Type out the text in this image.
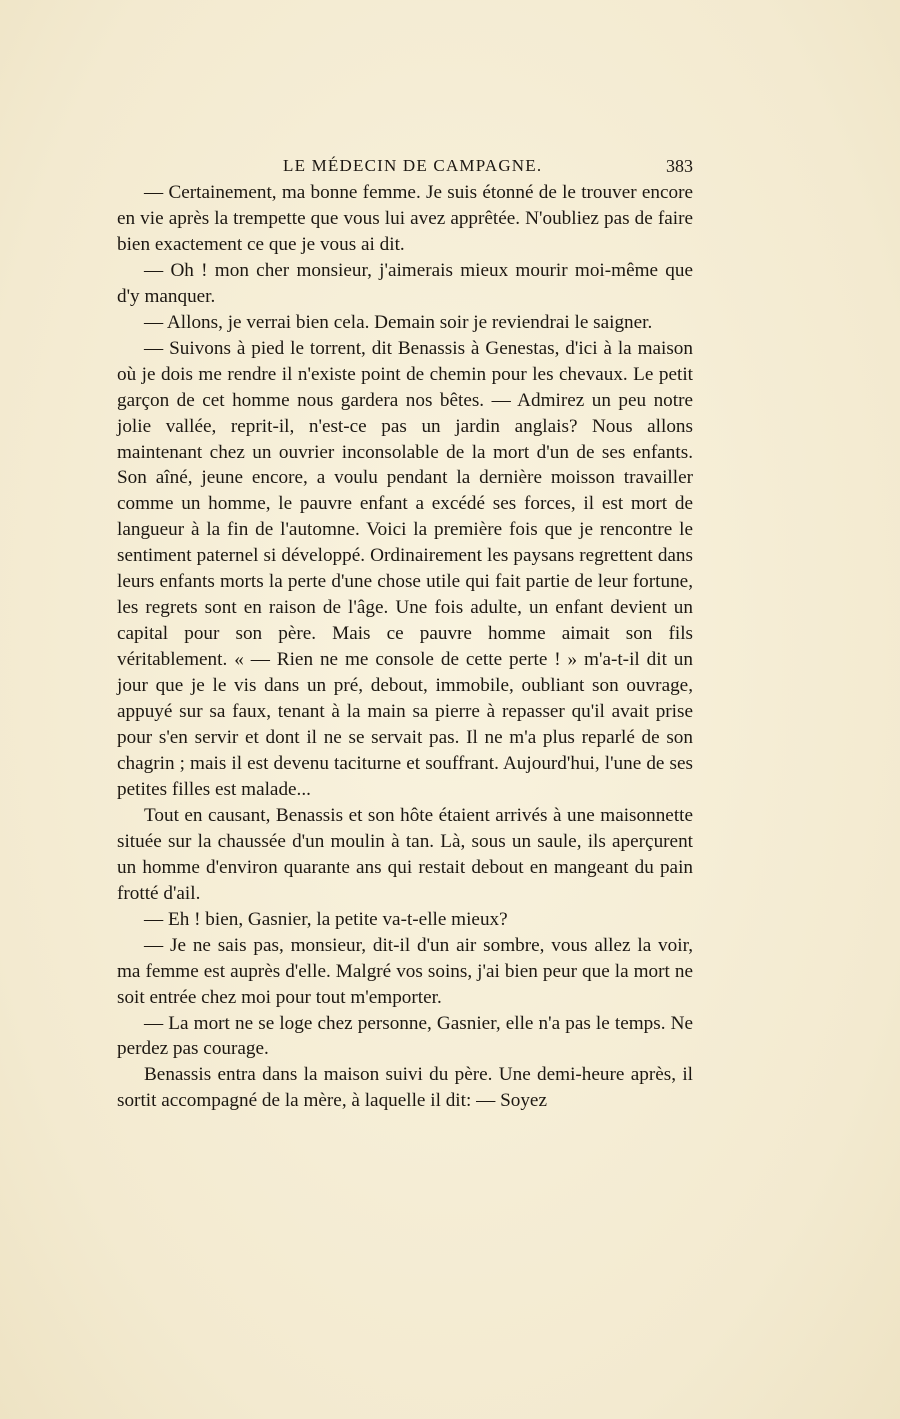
LE MÉDECIN DE CAMPAGNE.	383

— Certainement, ma bonne femme. Je suis étonné de le trouver encore en vie après la trempette que vous lui avez apprêtée. N'oubliez pas de faire bien exactement ce que je vous ai dit.

— Oh ! mon cher monsieur, j'aimerais mieux mourir moi-même que d'y manquer.

— Allons, je verrai bien cela. Demain soir je reviendrai le saigner.

— Suivons à pied le torrent, dit Benassis à Genestas, d'ici à la maison où je dois me rendre il n'existe point de chemin pour les chevaux. Le petit garçon de cet homme nous gardera nos bêtes. — Admirez un peu notre jolie vallée, reprit-il, n'est-ce pas un jardin anglais? Nous allons maintenant chez un ouvrier inconsolable de la mort d'un de ses enfants. Son aîné, jeune encore, a voulu pendant la dernière moisson travailler comme un homme, le pauvre enfant a excédé ses forces, il est mort de langueur à la fin de l'automne. Voici la première fois que je rencontre le sentiment paternel si développé. Ordinairement les paysans regrettent dans leurs enfants morts la perte d'une chose utile qui fait partie de leur fortune, les regrets sont en raison de l'âge. Une fois adulte, un enfant devient un capital pour son père. Mais ce pauvre homme aimait son fils véritablement. « — Rien ne me console de cette perte ! » m'a-t-il dit un jour que je le vis dans un pré, debout, immobile, oubliant son ouvrage, appuyé sur sa faux, tenant à la main sa pierre à repasser qu'il avait prise pour s'en servir et dont il ne se servait pas. Il ne m'a plus reparlé de son chagrin ; mais il est devenu taciturne et souffrant. Aujourd'hui, l'une de ses petites filles est malade...

Tout en causant, Benassis et son hôte étaient arrivés à une maisonnette située sur la chaussée d'un moulin à tan. Là, sous un saule, ils aperçurent un homme d'environ quarante ans qui restait debout en mangeant du pain frotté d'ail.

— Eh ! bien, Gasnier, la petite va-t-elle mieux?

— Je ne sais pas, monsieur, dit-il d'un air sombre, vous allez la voir, ma femme est auprès d'elle. Malgré vos soins, j'ai bien peur que la mort ne soit entrée chez moi pour tout m'emporter.

— La mort ne se loge chez personne, Gasnier, elle n'a pas le temps. Ne perdez pas courage.

Benassis entra dans la maison suivi du père. Une demi-heure après, il sortit accompagné de la mère, à laquelle il dit: — Soyez
